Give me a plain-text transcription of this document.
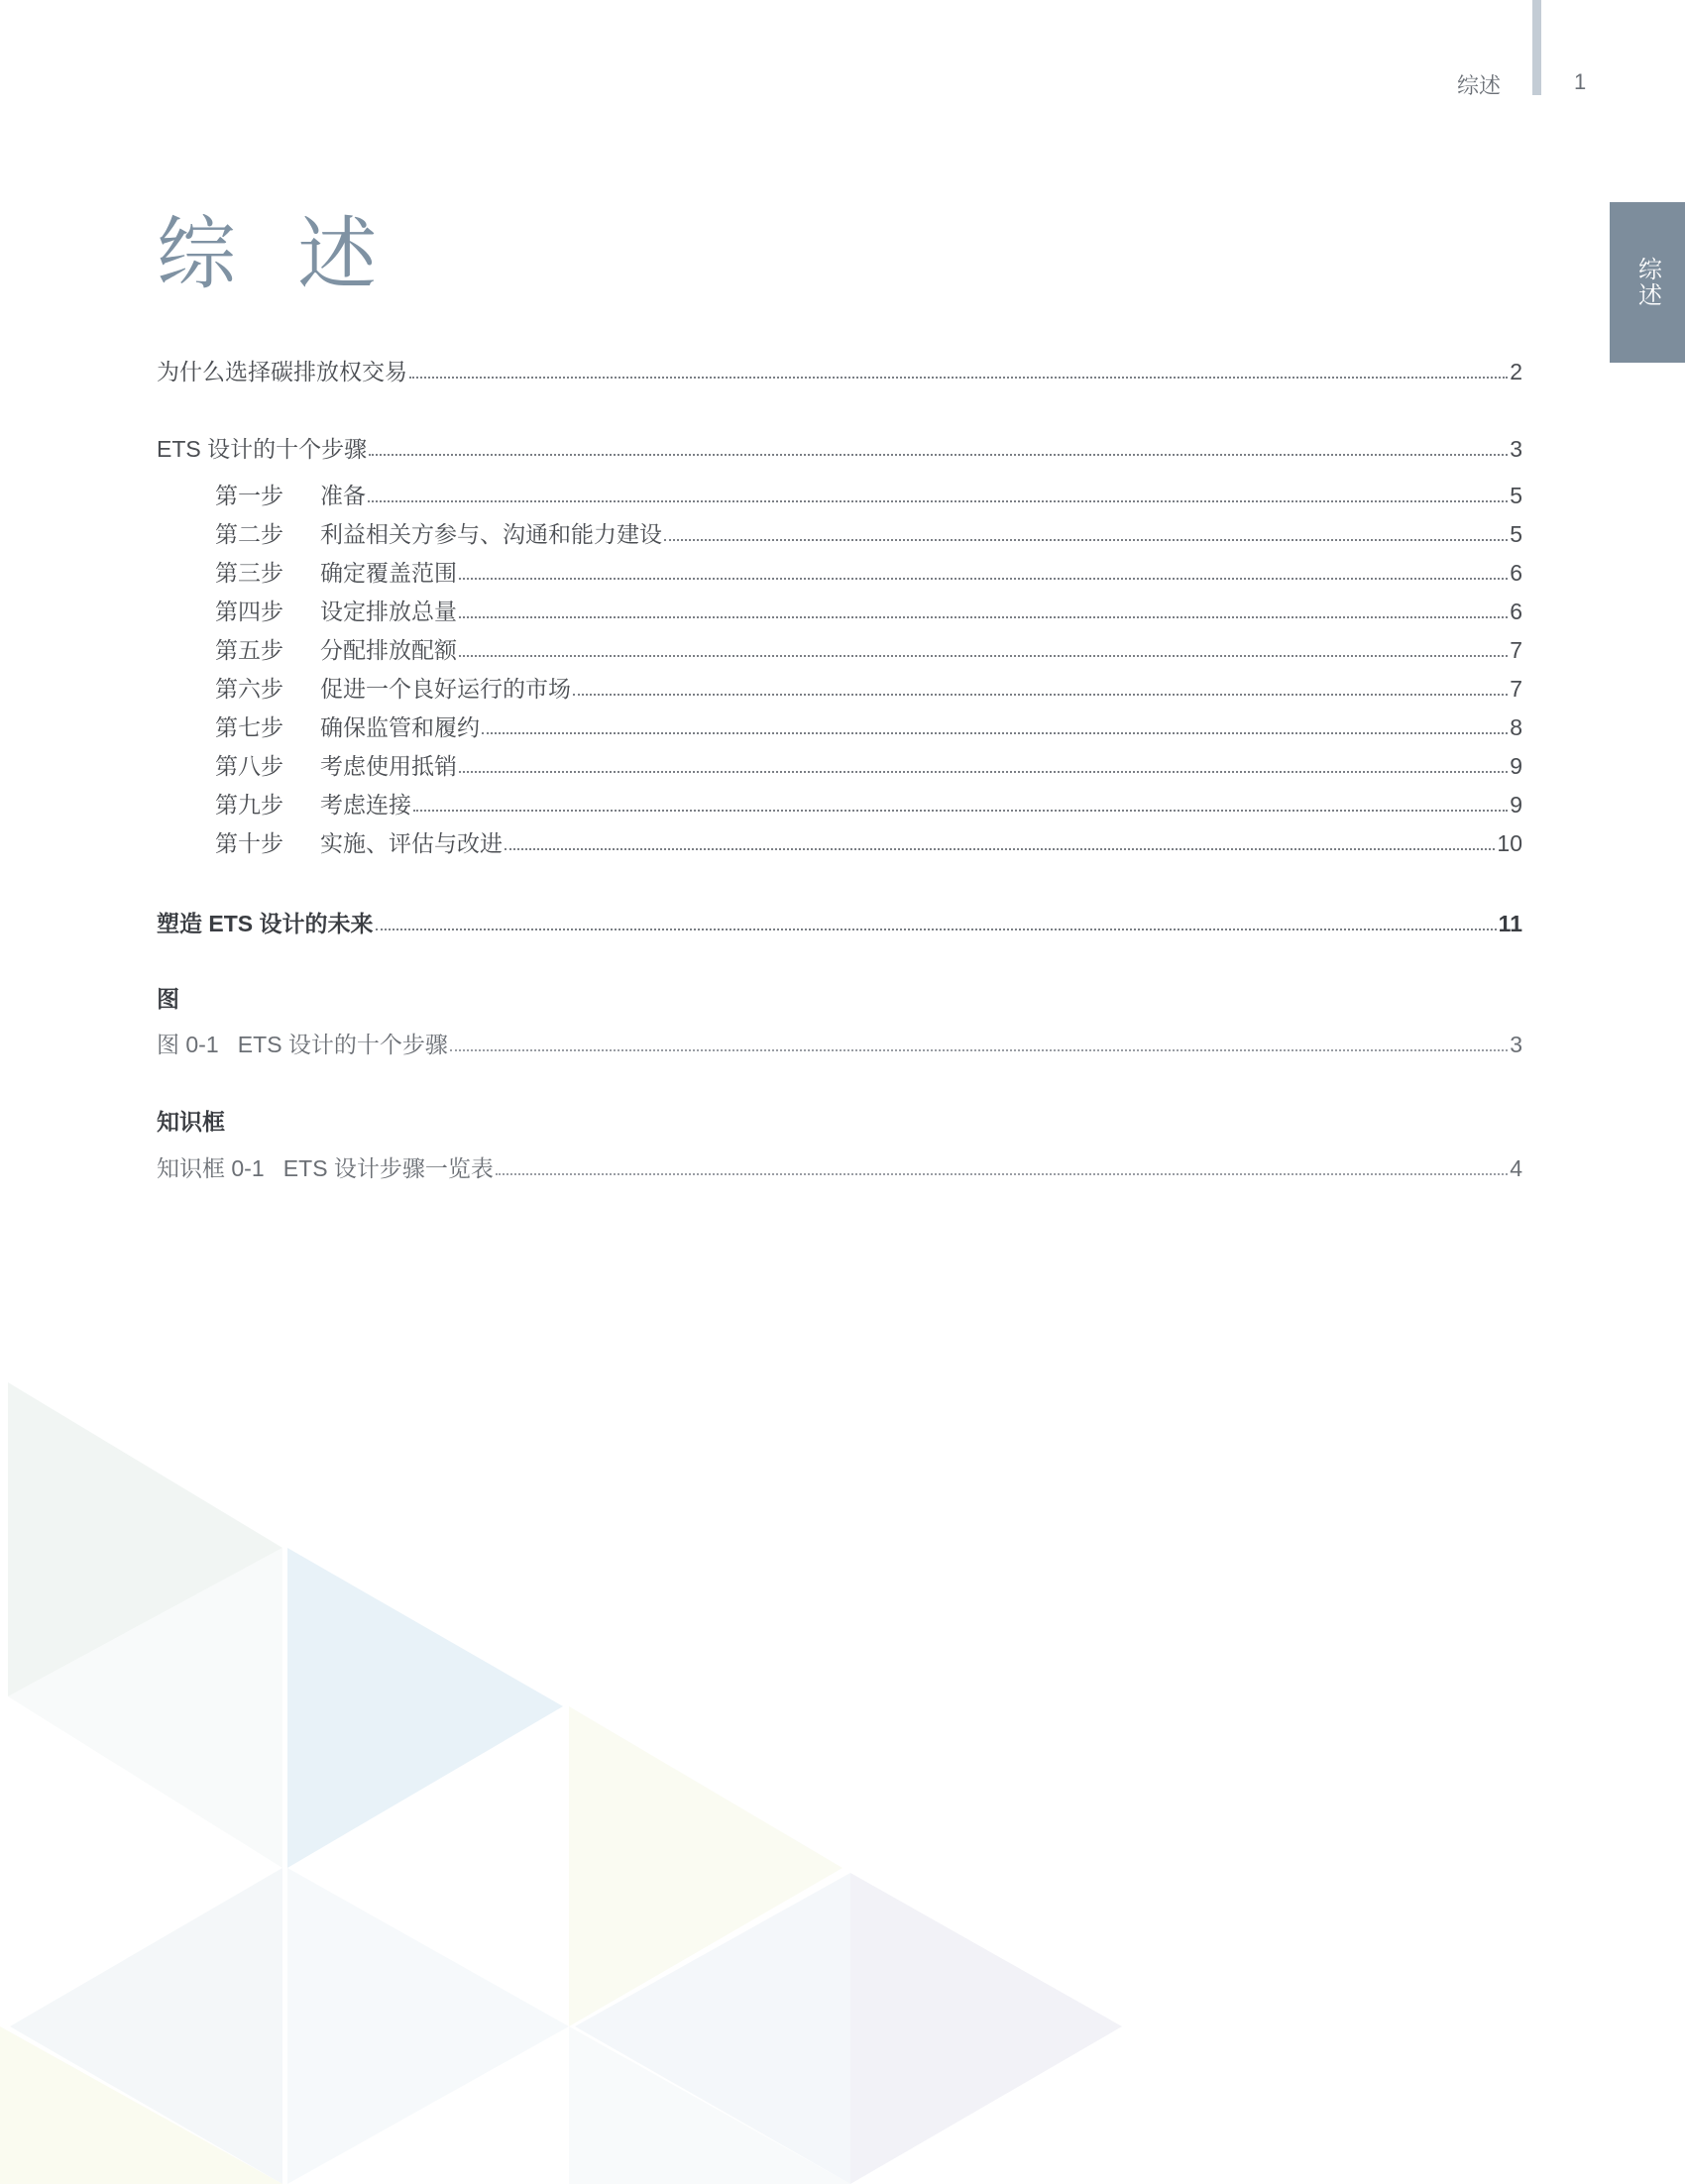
综述	1
综述
综 述
为什么选择碳排放权交易	2
ETS 设计的十个步骤	3
第一步	准备	5
第二步	利益相关方参与、沟通和能力建设	5
第三步	确定覆盖范围	6
第四步	设定排放总量	6
第五步	分配排放配额	7
第六步	促进一个良好运行的市场	7
第七步	确保监管和履约	8
第八步	考虑使用抵销	9
第九步	考虑连接	9
第十步	实施、评估与改进	10
塑造 ETS 设计的未来	11
图
图 0-1   ETS 设计的十个步骤	3
知识框
知识框 0-1   ETS 设计步骤一览表	4
